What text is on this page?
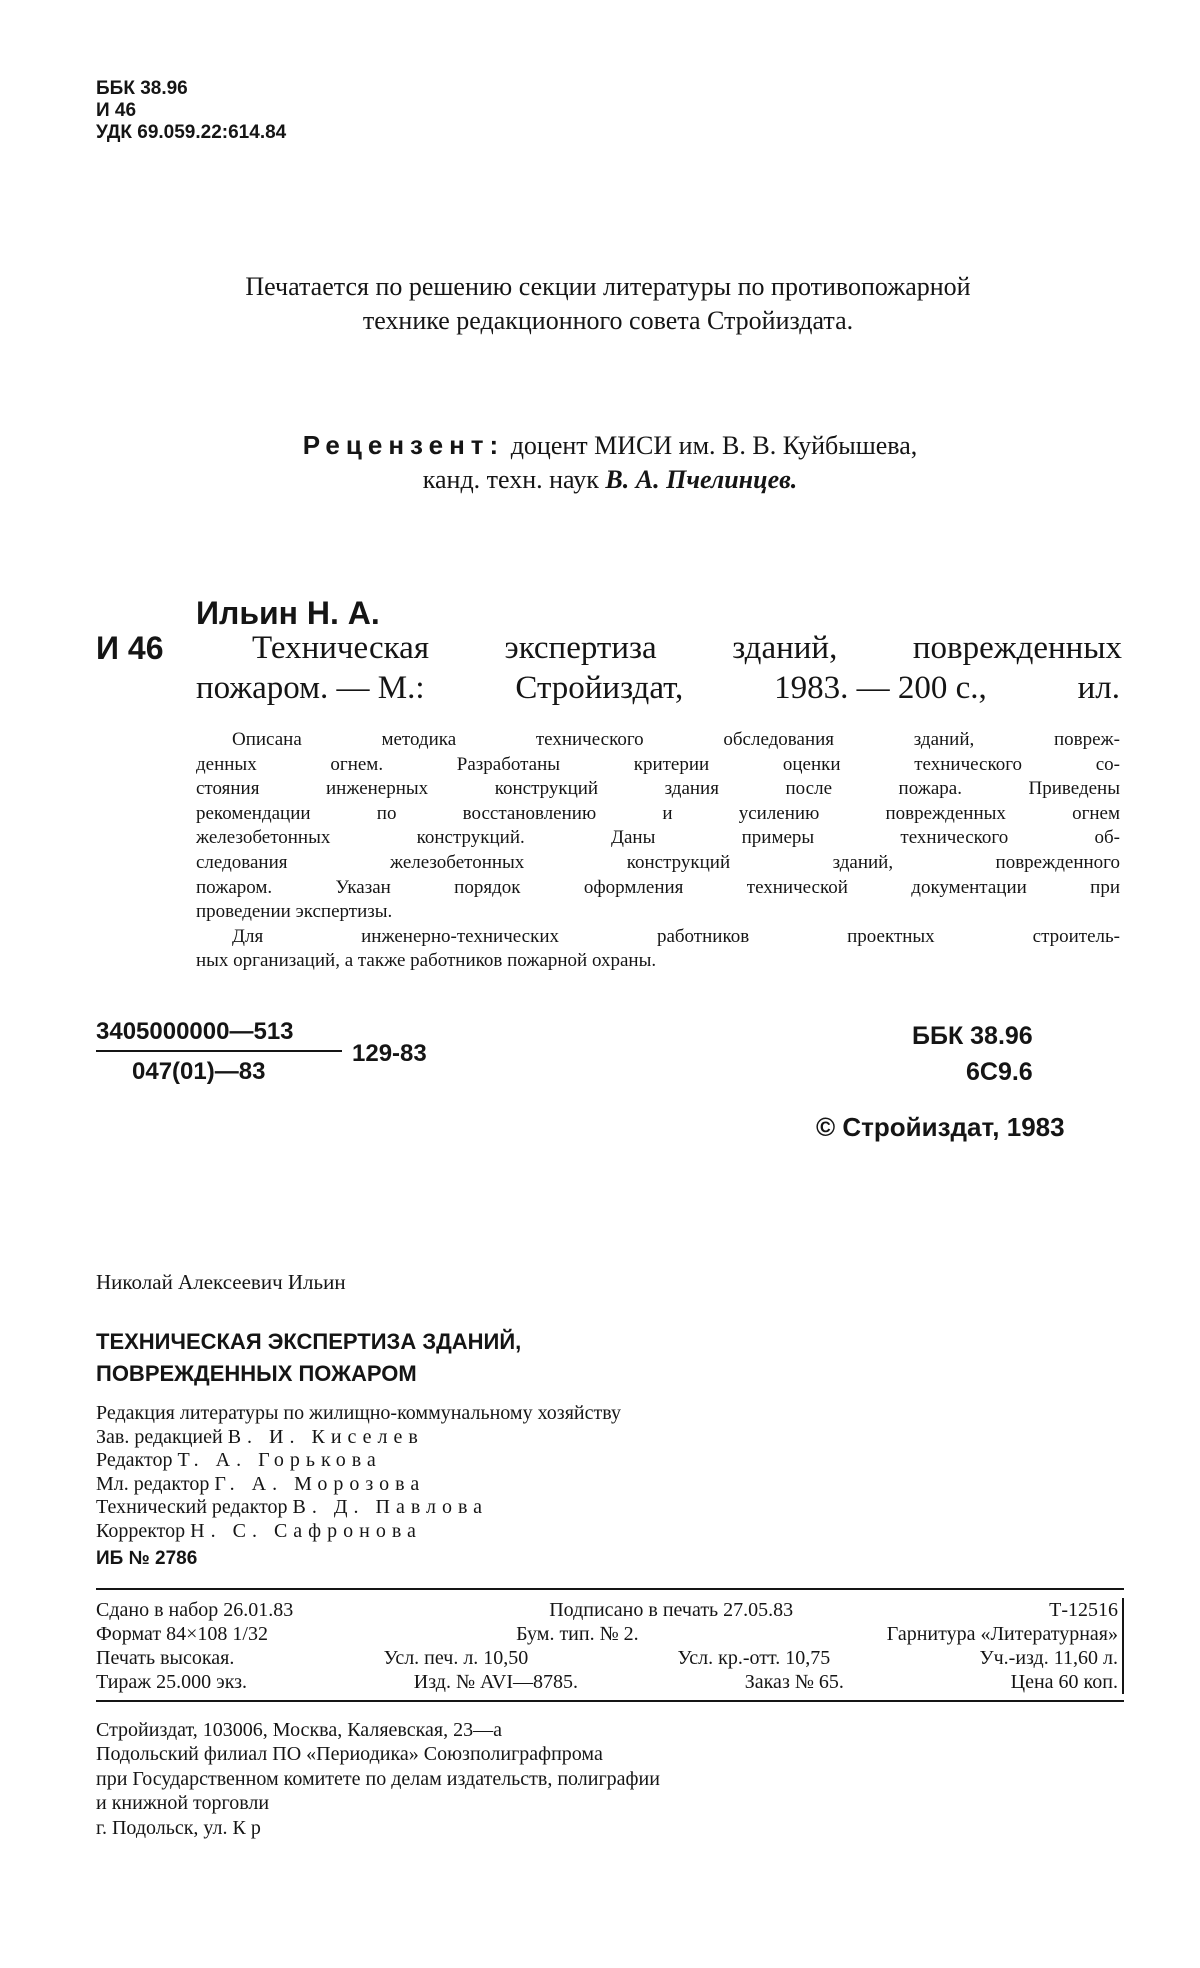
ББК 38.96
И 46
УДК 69.059.22:614.84
Печатается по решению секции литературы по противопожарной
технике редакционного совета Стройиздата.
Рецензент: доцент МИСИ им. В. В. Куйбышева,
канд. техн. наук В. А. Пчелинцев.
Ильин Н. А.
И 46	Техническая экспертиза зданий, поврежденных
пожаром. — М.:	Стройиздат,	1983. — 200 с.,	ил.
Описана методика технического обследования зданий, повреж-
денных огнем. Разработаны критерии оценки технического со-
стояния инженерных конструкций здания после пожара. Приведены
рекомендации по восстановлению и усилению поврежденных огнем
железобетонных конструкций. Даны примеры технического об-
следования железобетонных конструкций зданий, поврежденного
пожаром. Указан порядок оформления технической документации при
проведении экспертизы.
Для инженерно-технических работников проектных строитель-
ных организаций, а также работников пожарной охраны.
3405000000—513
047(01)—83
129-83
ББК 38.96
6С9.6
© Стройиздат, 1983
Николай Алексеевич Ильин
ТЕХНИЧЕСКАЯ ЭКСПЕРТИЗА ЗДАНИЙ,
ПОВРЕЖДЕННЫХ ПОЖАРОМ
Редакция литературы по жилищно-коммунальному хозяйству
Зав. редакцией В. И. Киселев
Редактор Т. А. Горькова
Мл. редактор Г. А. Морозова
Технический редактор В. Д. Павлова
Корректор Н. С. Сафронова
ИБ № 2786
Сдано в набор 26.01.83	Подписано в печать 27.05.83	Т-12516
Формат 84×108 1/32	Бум. тип. № 2.	Гарнитура «Литературная»
Печать высокая.	Усл. печ. л. 10,50	Усл. кр.-отт. 10,75	Уч.-изд. 11,60 л.
Тираж 25.000 экз.	Изд. № AVI—8785.	Заказ № 65.	Цена 60 коп.
Стройиздат, 103006, Москва, Каляевская, 23—а
Подольский филиал ПО «Периодика» Союзполиграфпрома
при Государственном комитете по делам издательств, полиграфии
и книжной торговли
г. Подольск, ул. К р
